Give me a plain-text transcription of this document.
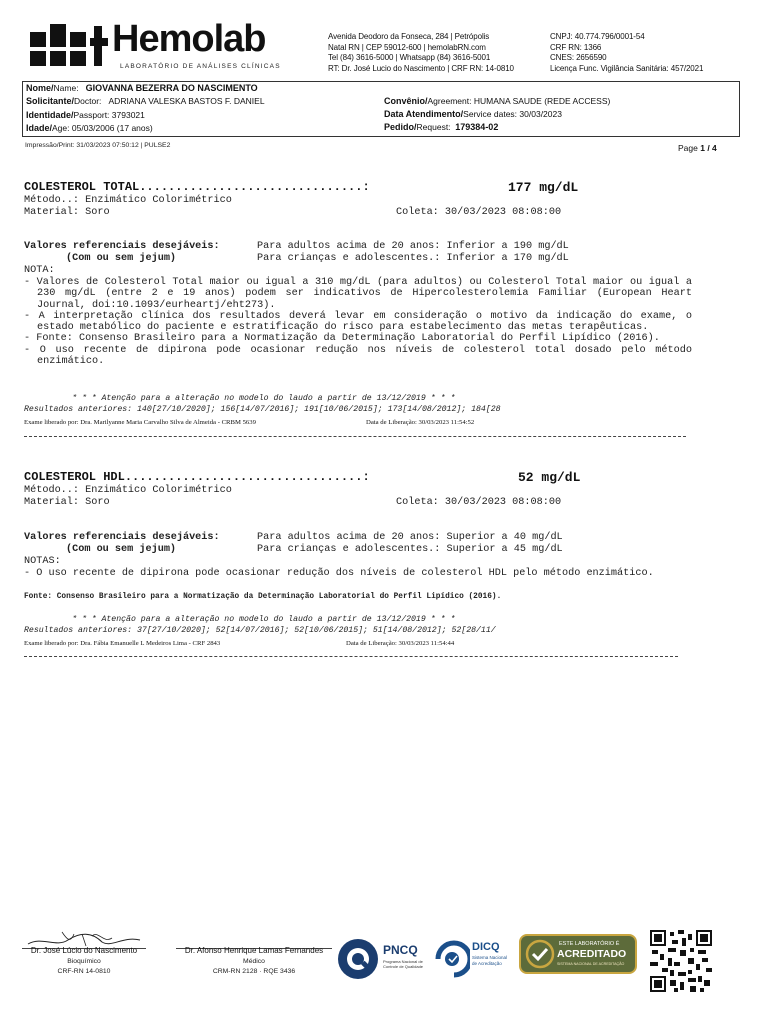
Hemolab
LABORATÓRIO DE ANÁLISES CLÍNICAS
Avenida Deodoro da Fonseca, 284 | Petrópolis
Natal RN | CEP 59012-600 | hemolabRN.com
Tel (84) 3616-5000 | Whatsapp (84) 3616-5001
RT: Dr. José Lucio do Nascimento | CRF RN: 14-0810
CNPJ: 40.774.796/0001-54
CRF RN: 1366
CNES: 2656590
Licença Func. Vigilância Sanitária: 457/2021
Nome/Name: GIOVANNA BEZERRA DO NASCIMENTO
Solicitante/Doctor: ADRIANA VALESKA BASTOS F. DANIEL
Identidade/Passport: 3793021
Idade/Age: 05/03/2006 (17 anos)
Convênio/Agreement: HUMANA SAUDE (REDE ACCESS)
Data Atendimento/Service dates: 30/03/2023
Pedido/Request: 179384-02
Impressão/Print: 31/03/2023 07:50:12 | PULSE2	Page 1 / 4
COLESTEROL TOTAL...............................:	177 mg/dL
Método..: Enzimático Colorimétrico
Material: Soro	Coleta: 30/03/2023 08:08:00
Valores referenciais desejáveis:	Para adultos acima de 20 anos: Inferior a 190 mg/dL
(Com ou sem jejum)	Para crianças e adolescentes.: Inferior a 170 mg/dL
NOTA:
- Valores de Colesterol Total maior ou igual a 310 mg/dL (para adultos) ou Colesterol Total maior ou igual a 230 mg/dL (entre 2 e 19 anos) podem ser indicativos de Hipercolesterolemia Familiar (European Heart Journal, doi:10.1093/eurheartj/eht273).
- A interpretação clínica dos resultados deverá levar em consideração o motivo da indicação do exame, o estado metabólico do paciente e estratificação do risco para estabelecimento das metas terapêuticas.
- Fonte: Consenso Brasileiro para a Normatização da Determinação Laboratorial do Perfil Lipídico (2016).
- O uso recente de dipirona pode ocasionar redução nos níveis de colesterol total dosado pelo método enzimático.
* * * Atenção para a alteração no modelo do laudo a partir de 13/12/2019 * * *
Resultados anteriores: 140[27/10/2020]; 156[14/07/2016]; 191[10/06/2015]; 173[14/08/2012]; 184[28
Exame liberado por: Dra. Marilyanne Maria Carvalho Silva de Almeida - CRBM 5639	Data de Liberação: 30/03/2023 11:54:52
COLESTEROL HDL.................................:	52 mg/dL
Método..: Enzimático Colorimétrico
Material: Soro	Coleta: 30/03/2023 08:08:00
Valores referenciais desejáveis:	Para adultos acima de 20 anos: Superior a 40 mg/dL
(Com ou sem jejum)	Para crianças e adolescentes.: Superior a 45 mg/dL
NOTAS:
- O uso recente de dipirona pode ocasionar redução dos níveis de colesterol HDL pelo método enzimático.
Fonte: Consenso Brasileiro para a Normatização da Determinação Laboratorial do Perfil Lipídico (2016).
* * * Atenção para a alteração no modelo do laudo a partir de 13/12/2019 * * *
Resultados anteriores: 37[27/10/2020]; 52[14/07/2016]; 52[10/06/2015]; 51[14/08/2012]; 52[28/11/
Exame liberado por: Dra. Fábia Emanuelle L Medeiros Lima - CRF 2843	Data de Liberação: 30/03/2023 11:54:44
Dr. José Lúcio do Nascimento
Bioquímico
CRF-RN 14-0810
Dr. Afonso Henrique Lamas Fernandes
Médico
CRM-RN 2128 · RQE 3436
PNCQ
Programa Nacional de Controle de Qualidade
DICQ
Sistema Nacional de Acreditação
ESTE LABORATÓRIO É
ACREDITADO
SISTEMA NACIONAL DE ACREDITAÇÃO
